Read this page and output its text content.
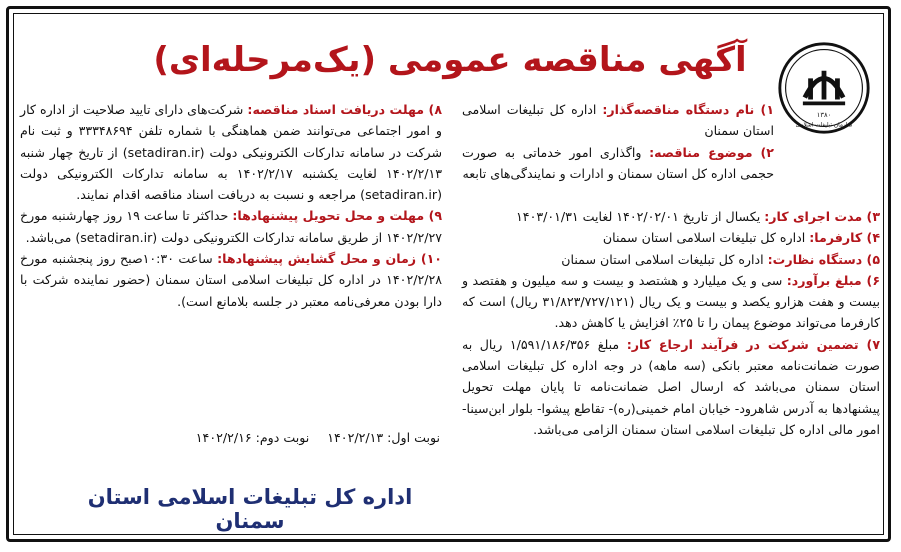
۱۳۸۰
سازمان تبلیغات اسلامی
آگهی مناقصه عمومی (یک‌مرحله‌ای)

۱) نام دستگاه مناقصه‌گذار: اداره کل تبلیغات اسلامی استان سمنان

۲) موضوع مناقصه: واگذاری امور خدماتی به صورت حجمی اداره کل استان سمنان و ادارات و نمایندگی‌های تابعه

۳) مدت اجرای کار: یکسال از تاریخ ۱۴۰۲/۰۲/۰۱ لغایت ۱۴۰۳/۰۱/۳۱

۴) کارفرما: اداره کل تبلیغات اسلامی استان سمنان

۵) دستگاه نظارت: اداره کل تبلیغات اسلامی استان سمنان

۶) مبلغ برآورد: سی و یک میلیارد و هشتصد و بیست و سه میلیون و هفتصد و بیست و هفت هزارو یکصد و بیست و یک ریال (۳۱/۸۲۳/۷۲۷/۱۲۱ ریال) است که کارفرما می‌تواند موضوع پیمان را تا ۲۵٪ افزایش یا کاهش دهد.

۷) تضمین شرکت در فرآیند ارجاع کار: مبلغ ۱/۵۹۱/۱۸۶/۳۵۶ ریال به صورت ضمانت‌نامه معتبر بانکی (سه ماهه) در وجه اداره کل تبلیغات اسلامی استان سمنان می‌باشد که ارسال اصل ضمانت‌نامه تا پایان مهلت تحویل پیشنهادها به آدرس شاهرود- خیابان امام خمینی(ره)- تقاطع پیشوا- بلوار ابن‌سینا- امور مالی اداره کل تبلیغات اسلامی استان سمنان الزامی می‌باشد.

۸) مهلت دریافت اسناد مناقصه: شرکت‌های دارای تایید صلاحیت از اداره کار و امور اجتماعی می‌توانند ضمن هماهنگی با شماره تلفن ۳۳۳۴۸۶۹۴ و ثبت نام شرکت در سامانه تدارکات الکترونیکی دولت (setadiran.ir) از تاریخ چهار شنبه ۱۴۰۲/۲/۱۳ لغایت یکشنبه ۱۴۰۲/۲/۱۷ به سامانه تدارکات الکترونیکی دولت (setadiran.ir) مراجعه و نسبت به دریافت اسناد مناقصه اقدام نمایند.

۹) مهلت و محل تحویل پیشنهادها: حداکثر تا ساعت ۱۹ روز چهارشنبه مورخ ۱۴۰۲/۲/۲۷ از طریق سامانه تدارکات الکترونیکی دولت (setadiran.ir) می‌باشد.

۱۰) زمان و محل گشایش پیشنهادها: ساعت ۱۰:۳۰صبح روز پنجشنبه مورخ ۱۴۰۲/۲/۲۸ در اداره کل تبلیغات اسلامی استان سمنان (حضور نماینده شرکت با دارا بودن معرفی‌نامه معتبر در جلسه بلامانع است).

نوبت اول: ۱۴۰۲/۲/۱۳ نوبت دوم: ۱۴۰۲/۲/۱۶
اداره کل تبلیغات اسلامی استان سمنان
